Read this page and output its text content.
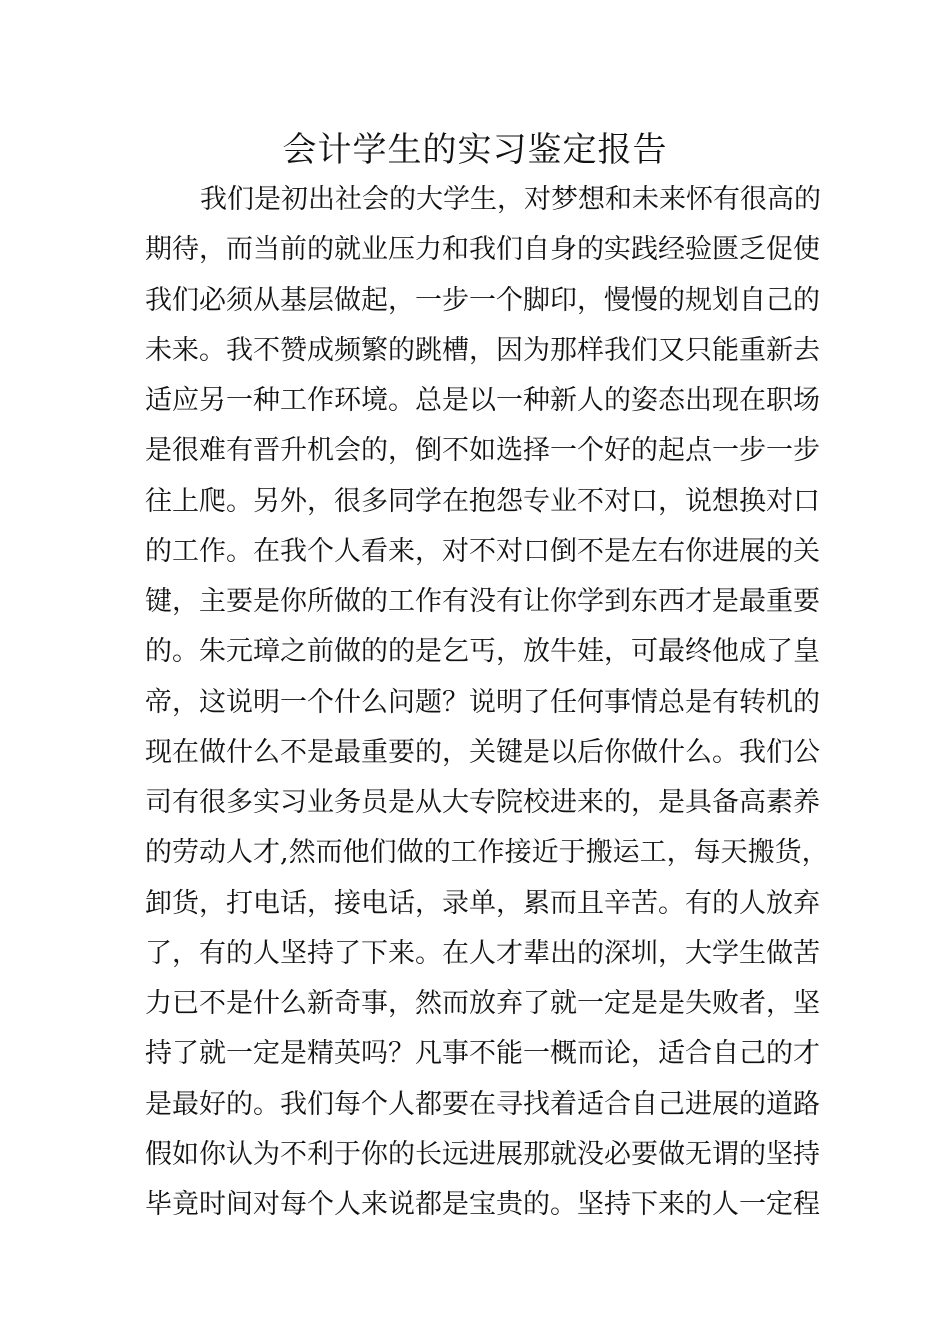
会计学生的实习鉴定报告
我们是初出社会的大学生，对梦想和未来怀有很高的
期待，而当前的就业压力和我们自身的实践经验匮乏促使
我们必须从基层做起，一步一个脚印，慢慢的规划自己的
未来。我不赞成频繁的跳槽，因为那样我们又只能重新去
适应另一种工作环境。总是以一种新人的姿态出现在职场
是很难有晋升机会的，倒不如选择一个好的起点一步一步
往上爬。另外，很多同学在抱怨专业不对口，说想换对口
的工作。在我个人看来，对不对口倒不是左右你进展的关
键，主要是你所做的工作有没有让你学到东西才是最重要
的。朱元璋之前做的的是乞丐，放牛娃，可最终他成了皇
帝，这说明一个什么问题？说明了任何事情总是有转机的
现在做什么不是最重要的，关键是以后你做什么。我们公
司有很多实习业务员是从大专院校进来的，是具备高素养
的劳动人才,然而他们做的工作接近于搬运工，每天搬货，
卸货，打电话，接电话，录单，累而且辛苦。有的人放弃
了，有的人坚持了下来。在人才辈出的深圳，大学生做苦
力已不是什么新奇事，然而放弃了就一定是是失败者，坚
持了就一定是精英吗？凡事不能一概而论，适合自己的才
是最好的。我们每个人都要在寻找着适合自己进展的道路
假如你认为不利于你的长远进展那就没必要做无谓的坚持
毕竟时间对每个人来说都是宝贵的。坚持下来的人一定程
